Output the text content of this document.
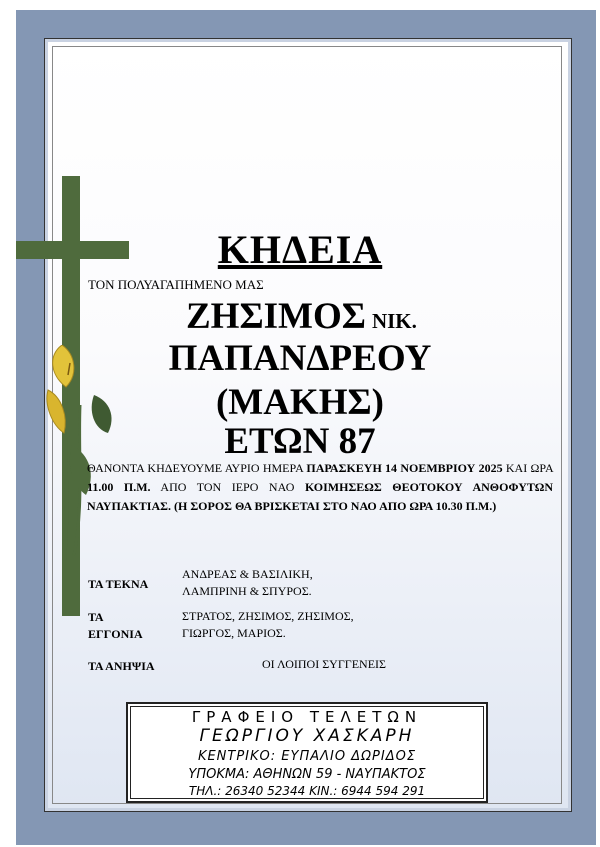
ΚΗΔΕΙΑ
ΤΟΝ ΠΟΛΥΑΓΑΠΗΜΕΝΟ ΜΑΣ
ΖΗΣΙΜΟΣ ΝΙΚ.
ΠΑΠΑΝΔΡΕΟΥ
(ΜΑΚΗΣ)
ΕΤΩΝ 87
ΘΑΝΟΝΤΑ ΚΗΔΕΥΟΥΜΕ ΑΥΡΙΟ ΗΜΕΡΑ ΠΑΡΑΣΚΕΥΗ 14 ΝΟΕΜΒΡΙΟΥ 2025 ΚΑΙ ΩΡΑ 11.00 Π.Μ. ΑΠΟ ΤΟΝ ΙΕΡΟ ΝΑΟ ΚΟΙΜΗΣΕΩΣ ΘΕΟΤΟΚΟΥ ΑΝΘΟΦΥΤΩΝ ΝΑΥΠΑΚΤΙΑΣ. (Η ΣΟΡΟΣ ΘΑ ΒΡΙΣΚΕΤΑΙ ΣΤΟ ΝΑΟ ΑΠΟ ΩΡΑ 10.30 Π.Μ.)
ΤΑ ΤΕΚΝΑ
ΑΝΔΡΕΑΣ & ΒΑΣΙΛΙΚΗ,
ΛΑΜΠΡΙΝΗ & ΣΠΥΡΟΣ.
ΤΑ
ΕΓΓΟΝΙΑ
ΣΤΡΑΤΟΣ, ΖΗΣΙΜΟΣ, ΖΗΣΙΜΟΣ,
ΓΙΩΡΓΟΣ, ΜΑΡΙΟΣ.
ΤΑ ΑΝΗΨΙΑ	ΟΙ ΛΟΙΠΟΙ ΣΥΓΓΕΝΕΙΣ
ΓΡΑΦΕΙΟ ΤΕΛΕΤΩΝ
ΓΕΩΡΓΙΟΥ ΧΑΣΚΑΡΗ
ΚΕΝΤΡΙΚΟ: ΕΥΠΑΛΙΟ ΔΩΡΙΔΟΣ
ΥΠΟΚΜΑ: ΑΘΗΝΩΝ 59 - ΝΑΥΠΑΚΤΟΣ
ΤΗΛ.: 26340 52344 ΚΙΝ.: 6944 594 291
